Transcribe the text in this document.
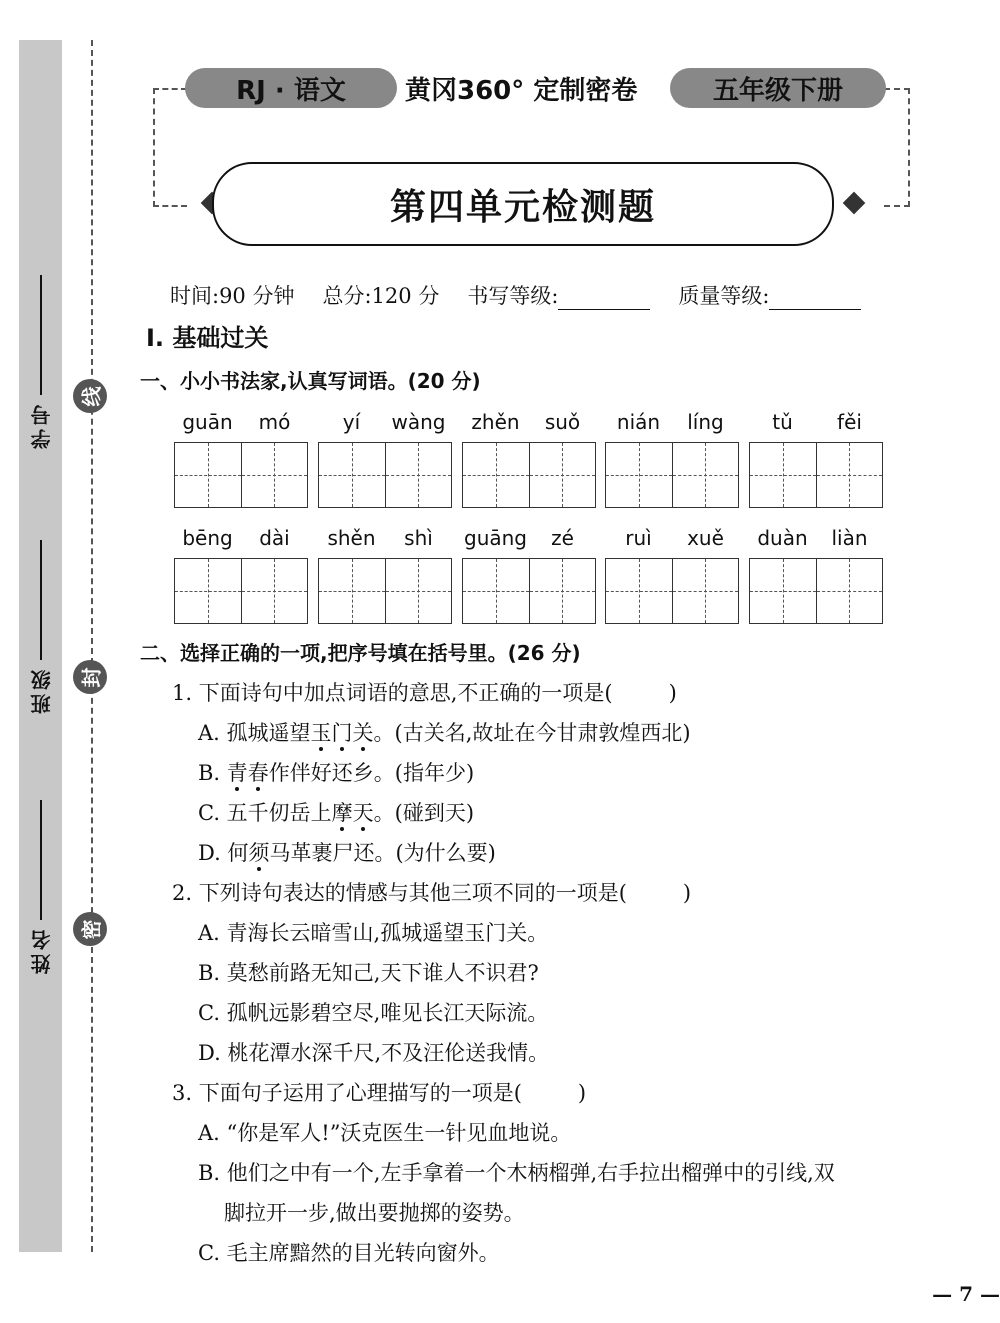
线
封
密
学号
班级
姓名
RJ · 语文	黄冈360° 定制密卷	五年级下册
第四单元检测题
时间:90 分钟 总分:120 分 书写等级:	质量等级:
Ⅰ. 基础过关
一、小小书法家,认真写词语。(20 分)
guān	mó	yí	wàng	zhěn	suǒ	nián	líng	tǔ	fěi
bēng	dài	shěn	shì	guāng	zé	ruì	xuě	duàn	liàn
二、选择正确的一项,把序号填在括号里。(26 分)
1. 下面诗句中加点词语的意思,不正确的一项是(	)
A. 孤城遥望玉门关。(古关名,故址在今甘肃敦煌西北)
B. 青春作伴好还乡。(指年少)
C. 五千仞岳上摩天。(碰到天)
D. 何须马革裹尸还。(为什么要)
2. 下列诗句表达的情感与其他三项不同的一项是(	)
A. 青海长云暗雪山,孤城遥望玉门关。
B. 莫愁前路无知己,天下谁人不识君?
C. 孤帆远影碧空尽,唯见长江天际流。
D. 桃花潭水深千尺,不及汪伦送我情。
3. 下面句子运用了心理描写的一项是(	)
A. “你是军人!”沃克医生一针见血地说。
B. 他们之中有一个,左手拿着一个木柄榴弹,右手拉出榴弹中的引线,双
脚拉开一步,做出要抛掷的姿势。
C. 毛主席黯然的目光转向窗外。
— 7 —
